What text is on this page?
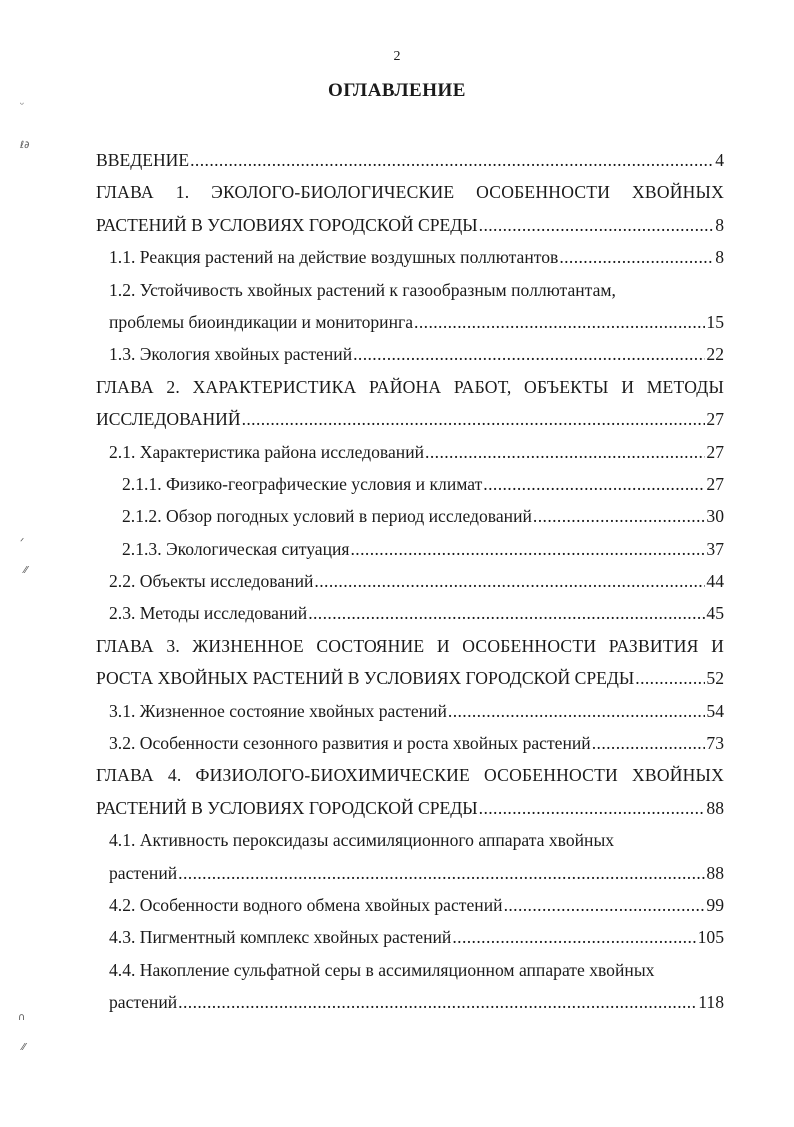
2
ОГЛАВЛЕНИЕ
ᵕ
ℓ∂
ᐟ
⁄⁄
∩
⁄⁄
ВВЕДЕНИЕ .....	4
ГЛАВА 1. ЭКОЛОГО-БИОЛОГИЧЕСКИЕ ОСОБЕННОСТИ ХВОЙНЫХ
РАСТЕНИЙ В УСЛОВИЯХ ГОРОДСКОЙ СРЕДЫ .....	8
1.1. Реакция растений на действие воздушных поллютантов .....	8
1.2. Устойчивость хвойных растений к газообразным поллютантам,
проблемы биоиндикации и мониторинга .....	15
1.3. Экология хвойных растений .....	22
ГЛАВА 2. ХАРАКТЕРИСТИКА РАЙОНА РАБОТ, ОБЪЕКТЫ И МЕТОДЫ
ИССЛЕДОВАНИЙ .....	27
2.1. Характеристика района исследований .....	27
2.1.1. Физико-географические условия и климат .....	27
2.1.2. Обзор погодных условий в период исследований .....	30
2.1.3. Экологическая ситуация .....	37
2.2. Объекты исследований .....	44
2.3. Методы исследований .....	45
ГЛАВА 3. ЖИЗНЕННОЕ СОСТОЯНИЕ И ОСОБЕННОСТИ РАЗВИТИЯ И
РОСТА ХВОЙНЫХ РАСТЕНИЙ В УСЛОВИЯХ ГОРОДСКОЙ СРЕДЫ .....	52
3.1. Жизненное состояние хвойных растений .....	54
3.2. Особенности сезонного развития и роста хвойных растений .....	73
ГЛАВА 4. ФИЗИОЛОГО-БИОХИМИЧЕСКИЕ ОСОБЕННОСТИ ХВОЙНЫХ
РАСТЕНИЙ В УСЛОВИЯХ ГОРОДСКОЙ СРЕДЫ .....	88
4.1. Активность пероксидазы ассимиляционного аппарата хвойных
растений .....	88
4.2. Особенности водного обмена хвойных растений .....	99
4.3. Пигментный комплекс хвойных растений .....	105
4.4. Накопление сульфатной серы в ассимиляционном аппарате хвойных
растений .....	118
